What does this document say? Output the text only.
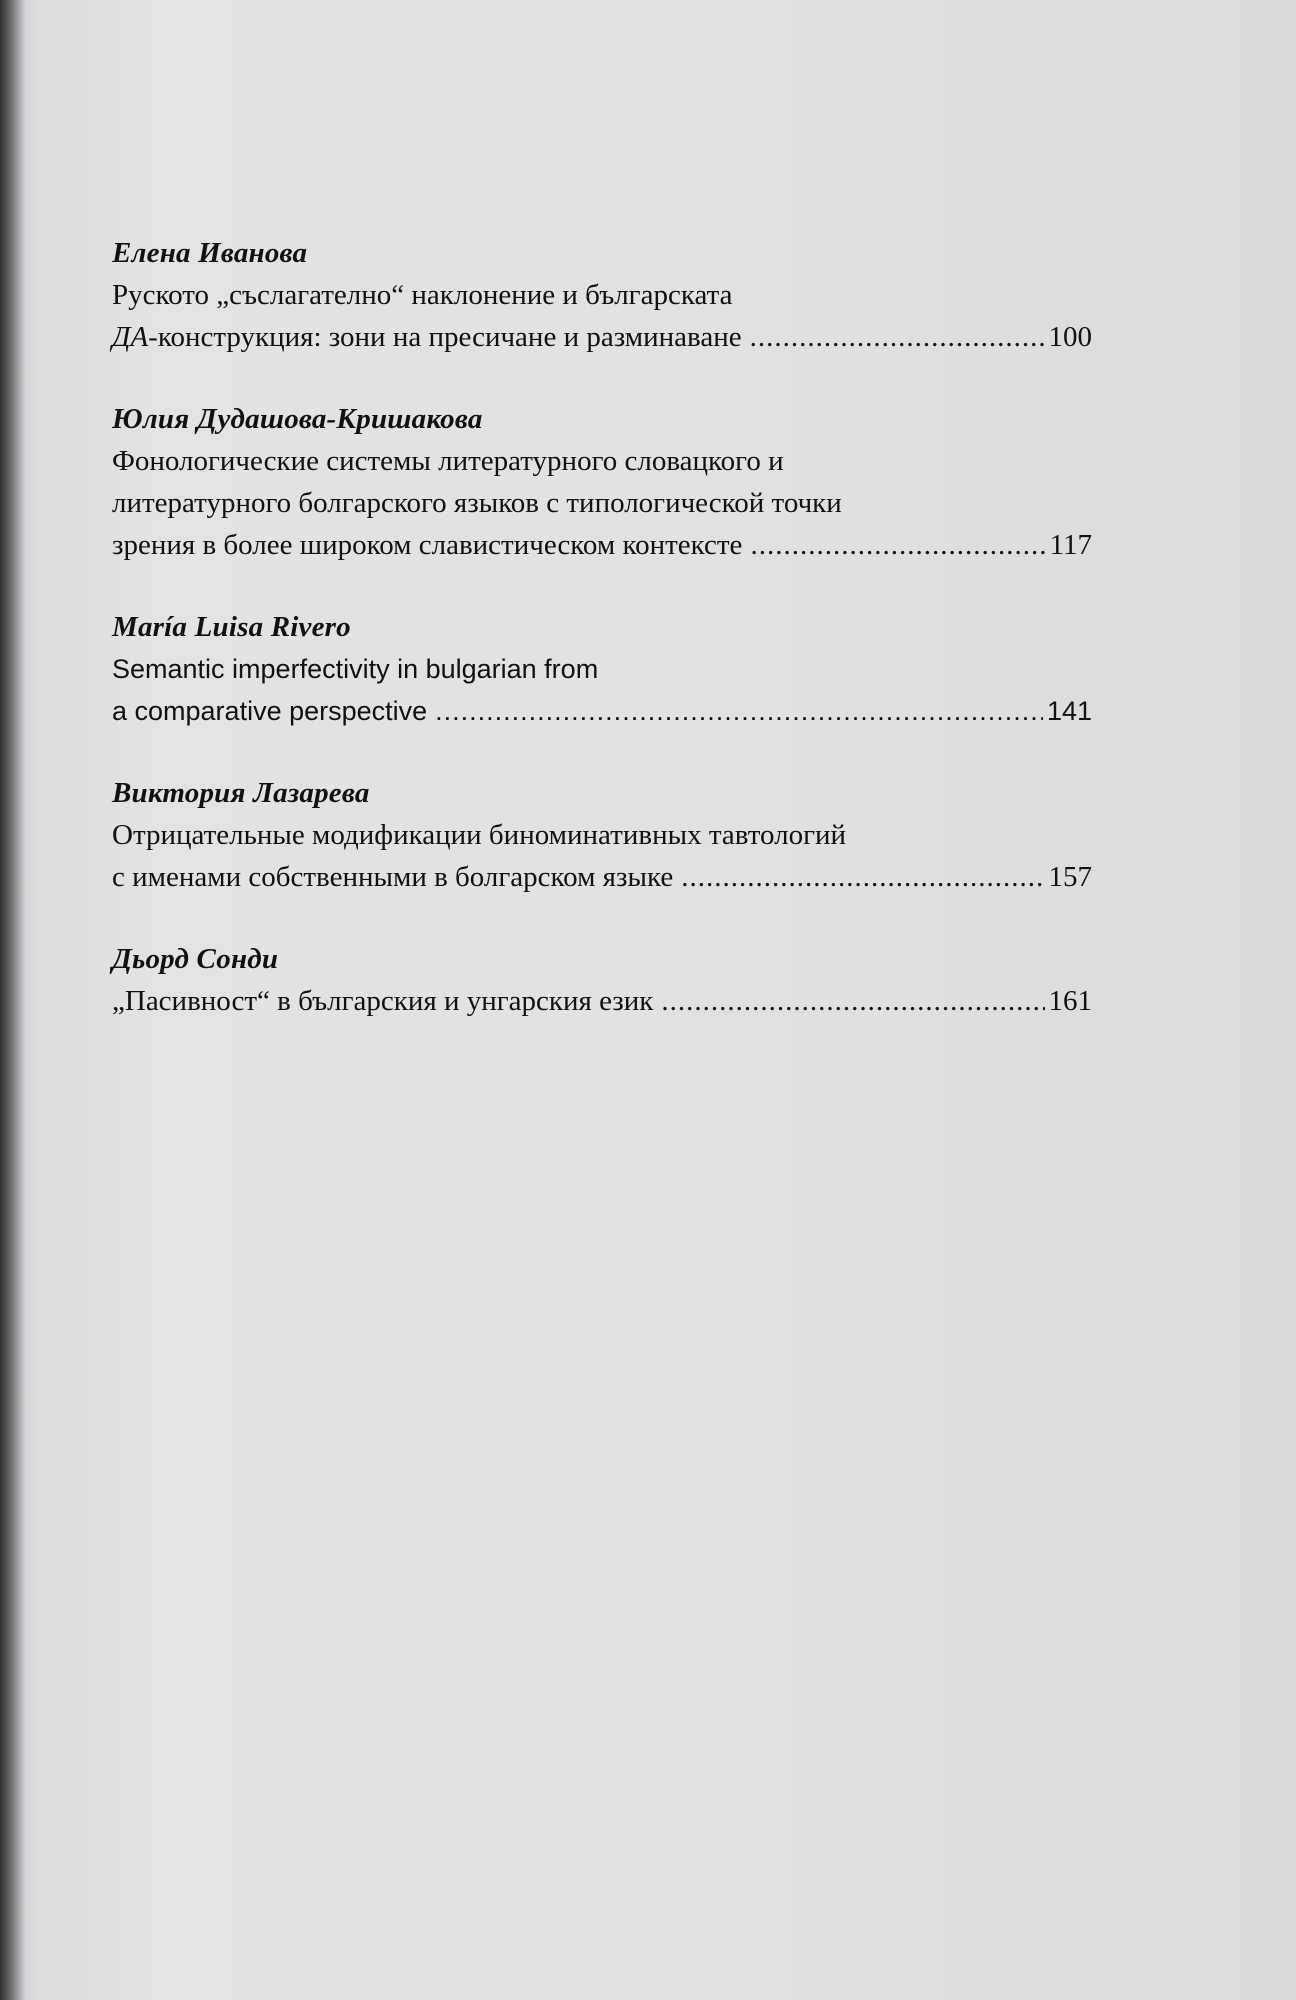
Елена Иванова
Руското „съслагателно“ наклонение и българската
ДА-конструкция: зони на пресичане и разминаване .....	100
Юлия Дудашова-Кришакова
Фонологические системы литературного словацкого и
литературного болгарского языков с типологической точки
зрения в более широком славистическом контексте .....	117
María Luisa Rivero
Semantic imperfectivity in bulgarian from
a comparative perspective .....	141
Виктория Лазарева
Отрицательные модификации биноминативных тавтологий
с именами собственными в болгарском языке .....	157
Дьорд Сонди
„Пасивност“ в българския и унгарския език .....	161
